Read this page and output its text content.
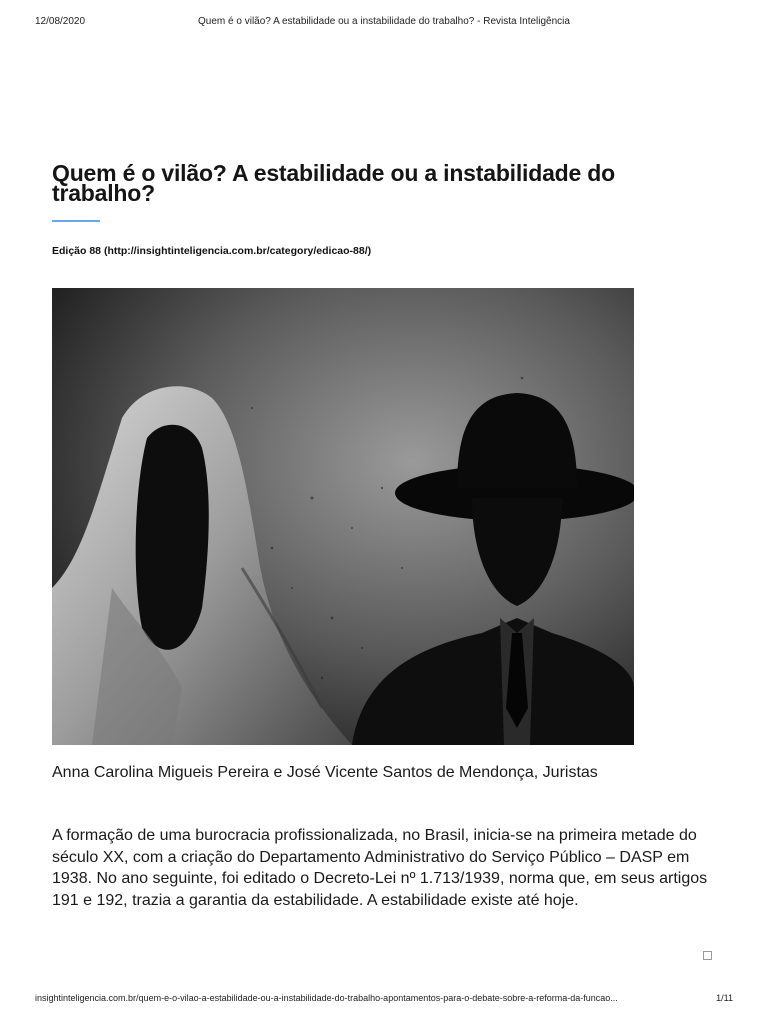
12/08/2020	Quem é o vilão? A estabilidade ou a instabilidade do trabalho? - Revista Inteligência
Quem é o vilão? A estabilidade ou a instabilidade do trabalho?
Edição 88 (http://insightinteligencia.com.br/category/edicao-88/)
Anna Carolina Migueis Pereira e José Vicente Santos de Mendonça, Juristas

A formação de uma burocracia profissionalizada, no Brasil, inicia-se na primeira metade do século XX, com a criação do Departamento Administrativo do Serviço Público – DASP em 1938. No ano seguinte, foi editado o Decreto-Lei nº 1.713/1939, norma que, em seus artigos 191 e 192, trazia a garantia da estabilidade. A estabilidade existe até hoje.

insightinteligencia.com.br/quem-e-o-vilao-a-estabilidade-ou-a-instabilidade-do-trabalho-apontamentos-para-o-debate-sobre-a-reforma-da-funcao...	1/11
